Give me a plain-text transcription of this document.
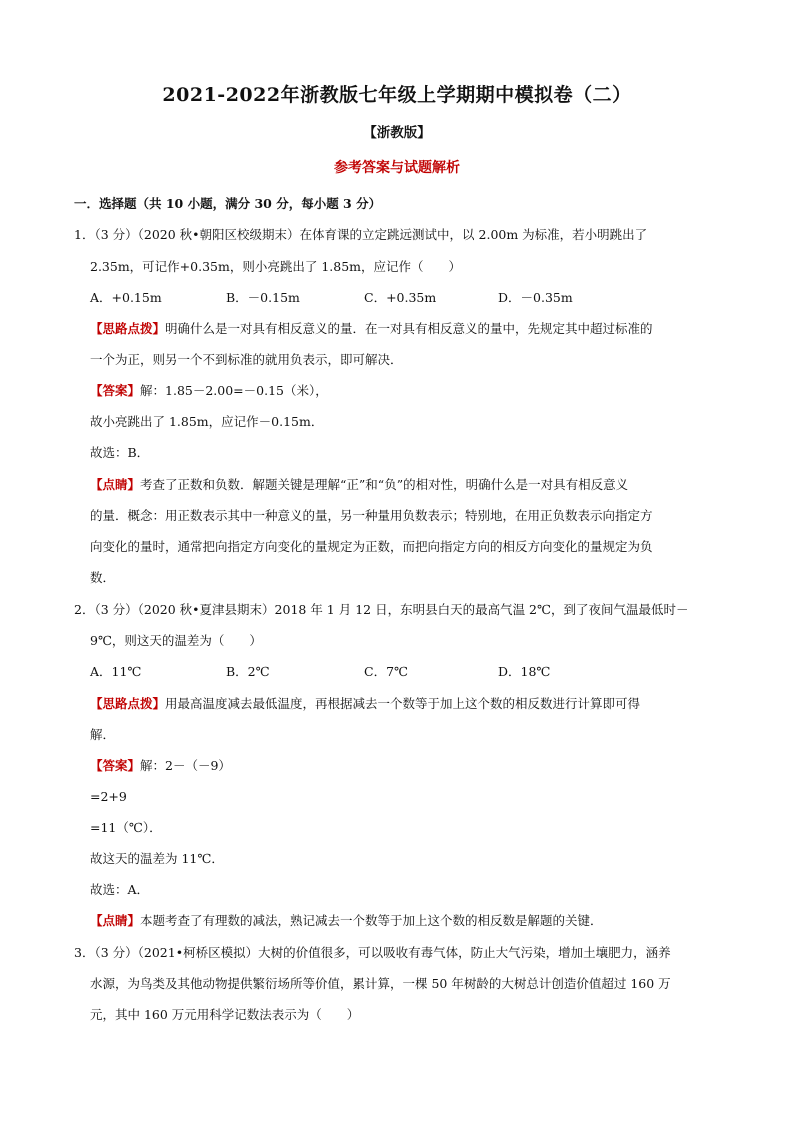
2021-2022年浙教版七年级上学期期中模拟卷（二）
【浙教版】
参考答案与试题解析
一．选择题（共 10 小题，满分 30 分，每小题 3 分）
1．（3 分）（2020 秋•朝阳区校级期末）在体育课的立定跳远测试中，以 2.00m 为标准，若小明跳出了
2.35m，可记作+0.35m，则小亮跳出了 1.85m，应记作（　　）
A．+0.15m	B．－0.15m	C．+0.35m	D．－0.35m
【思路点拨】明确什么是一对具有相反意义的量．在一对具有相反意义的量中，先规定其中超过标准的
一个为正，则另一个不到标准的就用负表示，即可解决．
【答案】解：1.85－2.00=－0.15（米），
故小亮跳出了 1.85m，应记作－0.15m．
故选：B．
【点睛】考查了正数和负数．解题关键是理解“正”和“负”的相对性，明确什么是一对具有相反意义
的量．概念：用正数表示其中一种意义的量，另一种量用负数表示；特别地，在用正负数表示向指定方
向变化的量时，通常把向指定方向变化的量规定为正数，而把向指定方向的相反方向变化的量规定为负
数．
2．（3 分）（2020 秋•夏津县期末）2018 年 1 月 12 日，东明县白天的最高气温 2℃，到了夜间气温最低时－
9℃，则这天的温差为（　　）
A．11℃	B．2℃	C．7℃	D．18℃
【思路点拨】用最高温度减去最低温度，再根据减去一个数等于加上这个数的相反数进行计算即可得
解．
【答案】解：2－（－9）
=2+9
=11（℃）．
故这天的温差为 11℃．
故选：A．
【点睛】本题考查了有理数的减法，熟记减去一个数等于加上这个数的相反数是解题的关键．
3．（3 分）（2021•柯桥区模拟）大树的价值很多，可以吸收有毒气体，防止大气污染，增加土壤肥力，涵养
水源，为鸟类及其他动物提供繁衍场所等价值，累计算，一棵 50 年树龄的大树总计创造价值超过 160 万
元，其中 160 万元用科学记数法表示为（　　）
